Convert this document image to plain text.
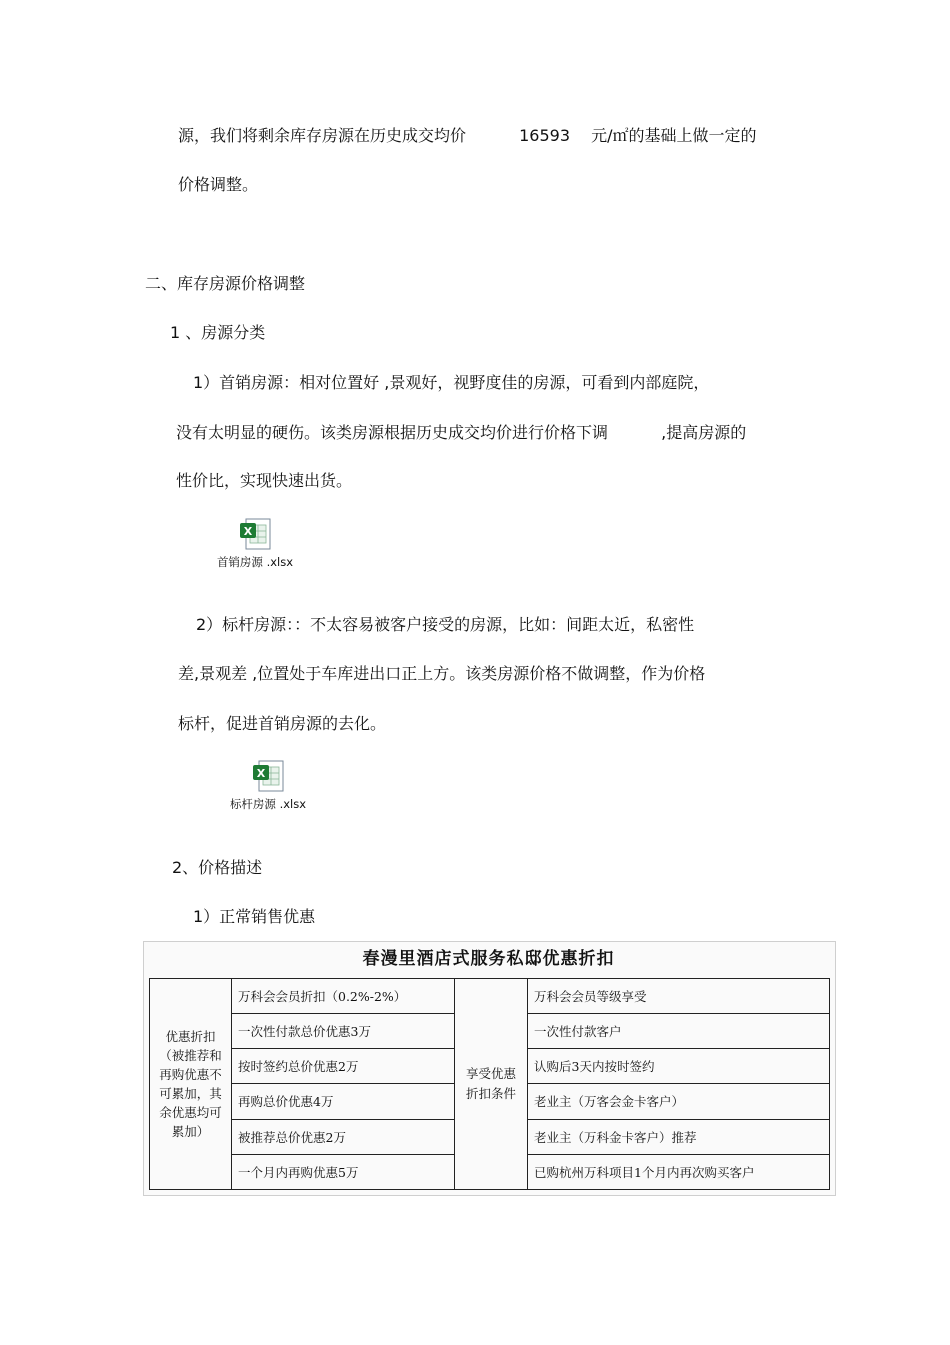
源，我们将剩余库存房源在历史成交均价	16593 元/㎡的基础上做一定的
价格调整。
二、库存房源价格调整
1 、房源分类
1）首销房源：相对位置好 ,景观好，视野度佳的房源，可看到内部庭院，
没有太明显的硬伤。该类房源根据历史成交均价进行价格下调	,提高房源的
性价比，实现快速出货。
X
首销房源 .xlsx
2）标杆房源：：不太容易被客户接受的房源，比如：间距太近，私密性
差,景观差 ,位置处于车库进出口正上方。该类房源价格不做调整，作为价格
标杆，促进首销房源的去化。
X
标杆房源 .xlsx
2、价格描述
1）正常销售优惠
春漫里酒店式服务私邸优惠折扣
优惠折扣（被推荐和再购优惠不可累加，其余优惠均可累加）	万科会会员折扣（0.2%-2%）	享受优惠折扣条件	万科会会员等级享受
	一次性付款总价优惠3万		一次性付款客户
	按时签约总价优惠2万		认购后3天内按时签约
	再购总价优惠4万		老业主（万客会金卡客户）
	被推荐总价优惠2万		老业主（万科金卡客户）推荐
	一个月内再购优惠5万		已购杭州万科项目1个月内再次购买客户
